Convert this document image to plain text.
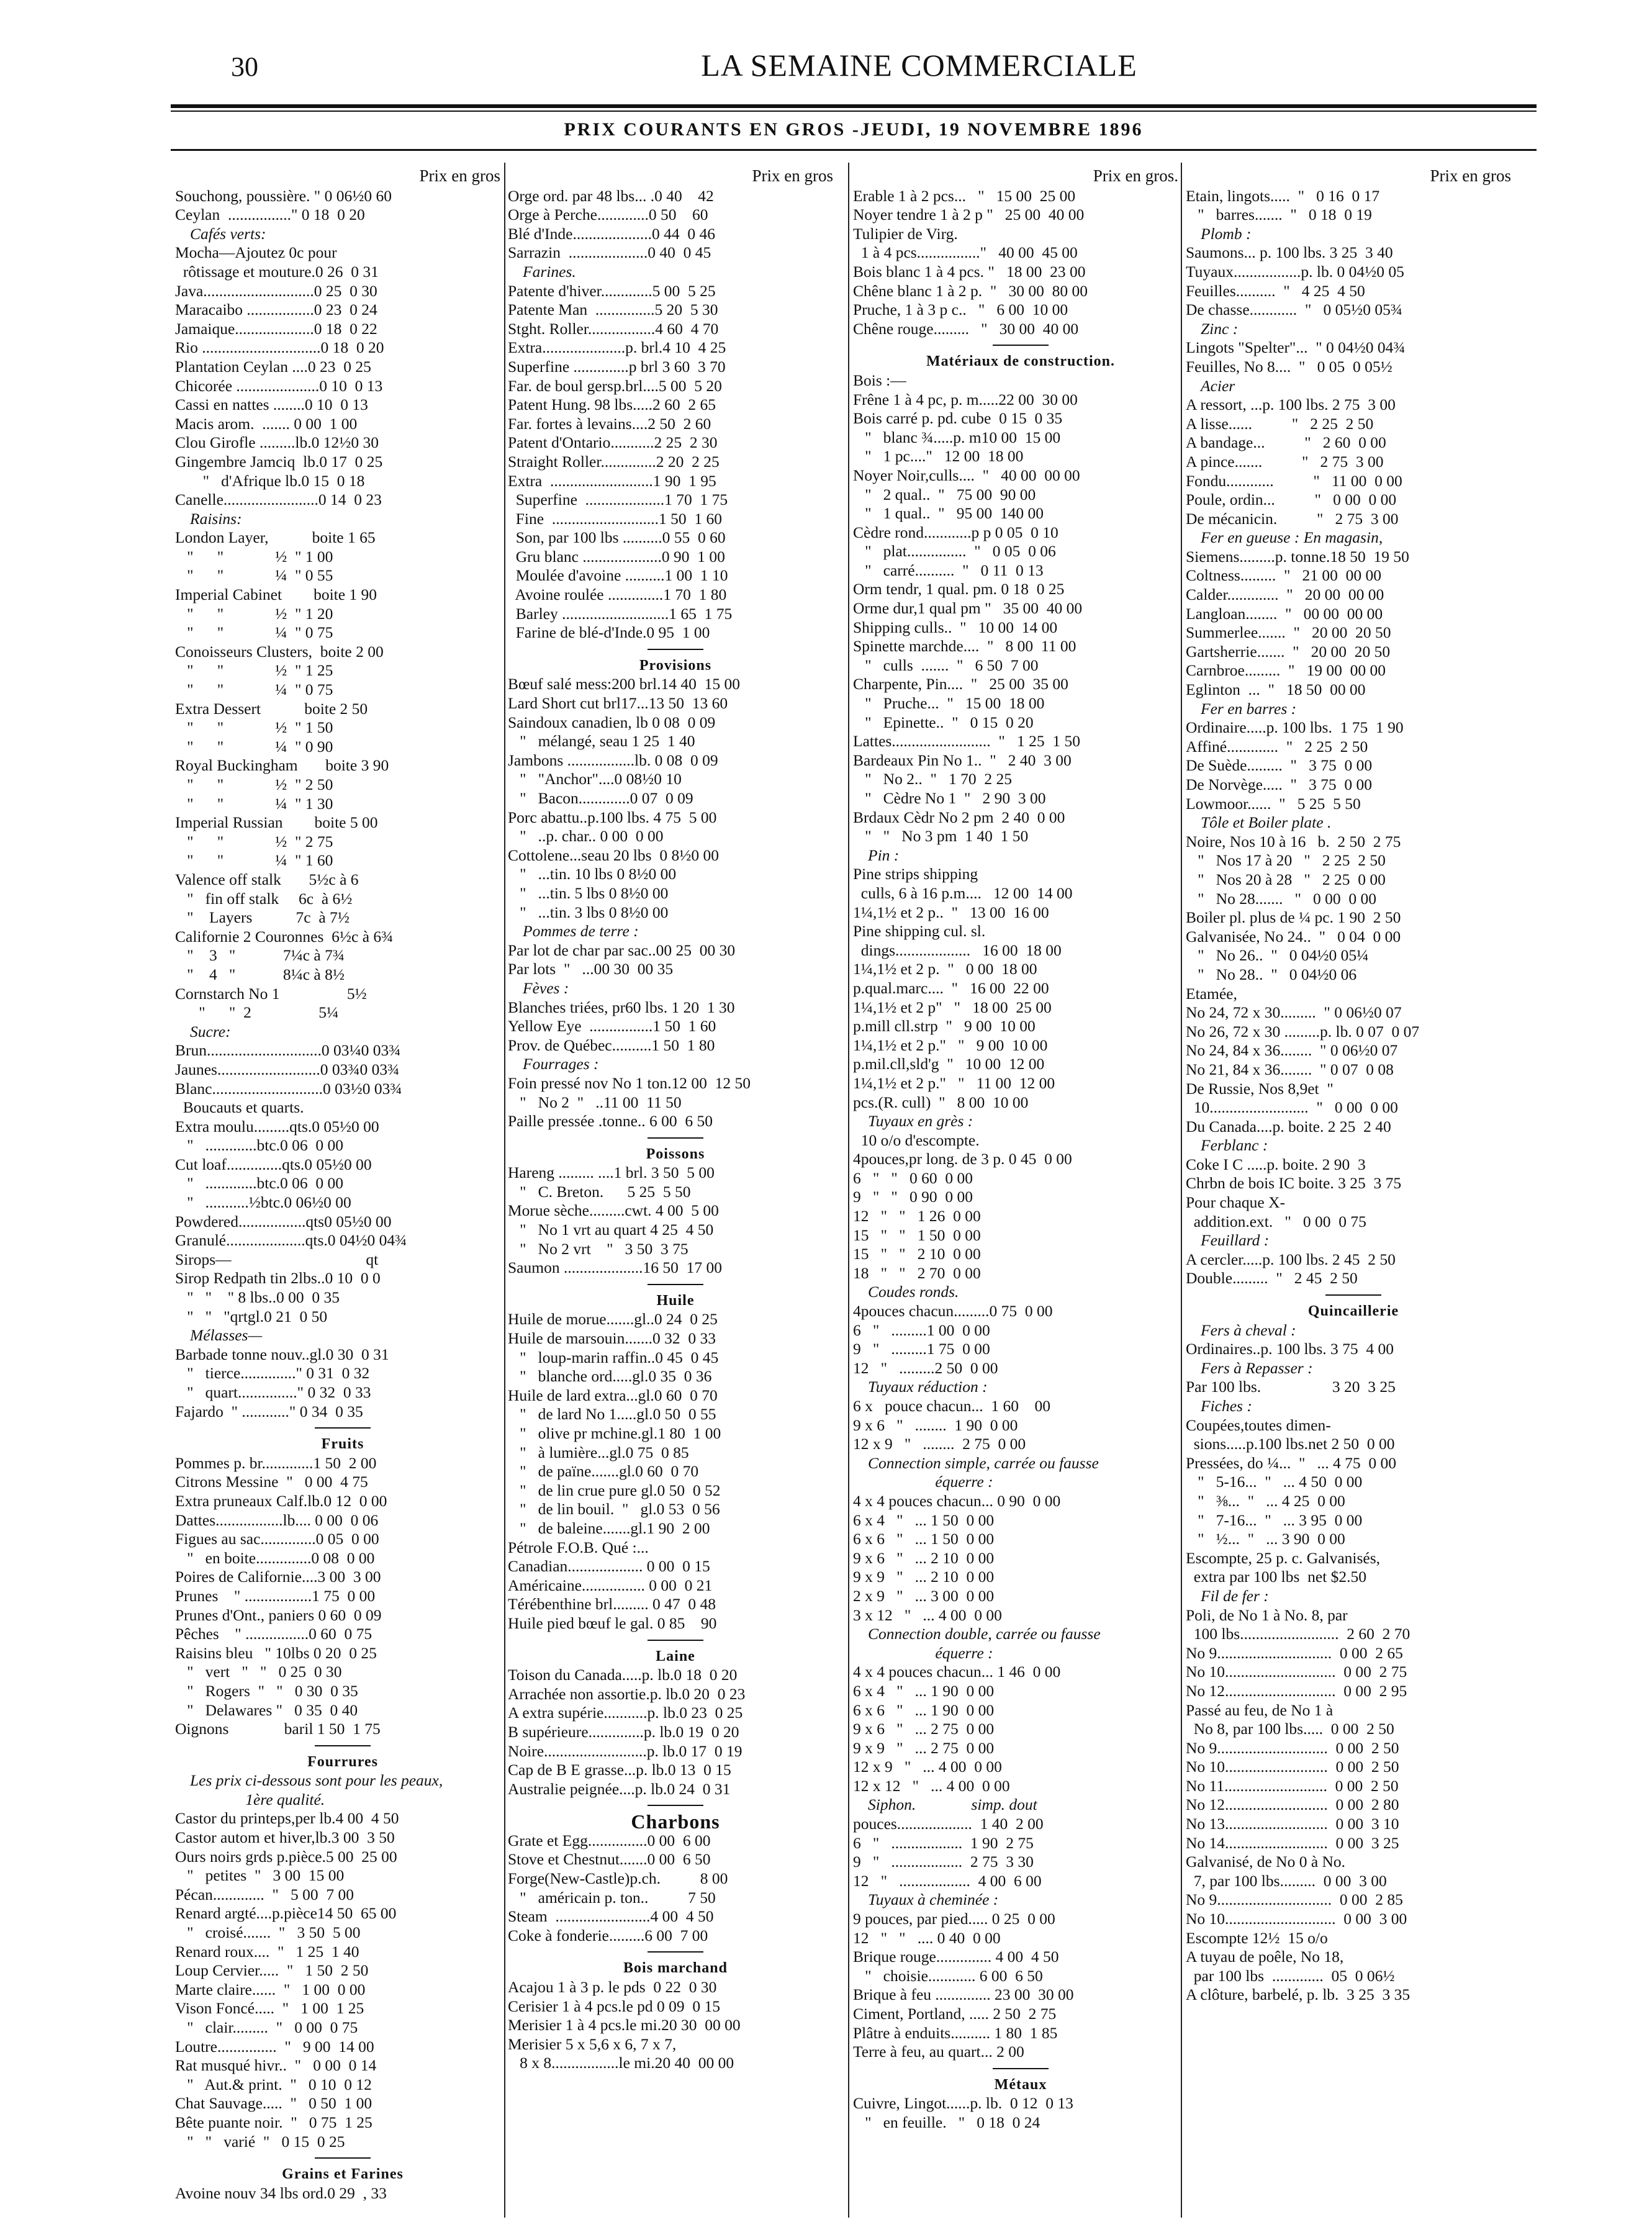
30	LA SEMAINE COMMERCIALE
PRIX COURANTS EN GROS -JEUDI, 19 NOVEMBRE 1896
Prix en gros
Souchong, poussière. " 0 06½0 60
Ceylan  ................" 0 18  0 20
Cafés verts:
Mocha—Ajoutez 0c pour
rôtissage et mouture.0 26  0 31
Java............................0 25  0 30
Maracaibo .................0 23  0 24
Jamaique....................0 18  0 22
Rio ..............................0 18  0 20
Plantation Ceylan ....0 23  0 25
Chicorée .....................0 10  0 13
Cassi en nattes ........0 10  0 13
Macis arom.  ....... 0 00  1 00
Clou Girofle .........lb.0 12½0 30
Gingembre Jamciq  lb.0 17  0 25
"   d'Afrique lb.0 15  0 18
Canelle........................0 14  0 23
Raisins:
London Layer,           boite 1 65
"      "             ½  " 1 00
"      "             ¼  " 0 55
Imperial Cabinet        boite 1 90
"      "             ½  " 1 20
"      "             ¼  " 0 75
Conoisseurs Clusters,  boite 2 00
"      "             ½  " 1 25
"      "             ¼  " 0 75
Extra Dessert           boite 2 50
"      "             ½  " 1 50
"      "             ¼  " 0 90
Royal Buckingham       boite 3 90
"      "             ½  " 2 50
"      "             ¼  " 1 30
Imperial Russian        boite 5 00
"      "             ½  " 2 75
"      "             ¼  " 1 60
Valence off stalk       5½c à 6
"   fin off stalk     6c  à 6½
"    Layers           7c  à 7½
Californie 2 Couronnes  6½c à 6¾
"    3   "            7¼c à 7¾
"    4   "            8¼c à 8½
Cornstarch No 1                 5½
"      "  2                 5¼
Sucre:
Brun.............................0 03¼0 03¾
Jaunes..........................0 03¾0 03¾
Blanc............................0 03½0 03¾
Boucauts et quarts.
Extra moulu.........qts.0 05½0 00
"   .............btc.0 06  0 00
Cut loaf..............qts.0 05½0 00
"   .............btc.0 06  0 00
"   ...........½btc.0 06½0 00
Powdered.................qts0 05½0 00
Granulé....................qts.0 04½0 04¾
Sirops—                                  qt
Sirop Redpath tin 2lbs..0 10  0 0
"   "    " 8 lbs..0 00  0 35
"   "   "qrtgl.0 21  0 50
Mélasses—
Barbade tonne nouv..gl.0 30  0 31
"   tierce.............." 0 31  0 32
"   quart..............." 0 32  0 33
Fajardo  " ............" 0 34  0 35
Fruits
Pommes p. br.............1 50  2 00
Citrons Messine  "   0 00  4 75
Extra pruneaux Calf.lb.0 12  0 00
Dattes.................lb.... 0 00  0 06
Figues au sac..............0 05  0 00
"   en boite..............0 08  0 00
Poires de Californie....3 00  3 00
Prunes    " .................1 75  0 00
Prunes d'Ont., paniers 0 60  0 09
Pêches    " ................0 60  0 75
Raisins bleu   " 10lbs 0 20  0 25
"   vert   "   "   0 25  0 30
"   Rogers  "   "   0 30  0 35
"   Delawares "   0 35  0 40
Oignons              baril 1 50  1 75
Fourrures
Les prix ci-dessous sont pour les peaux,
1ère qualité.
Castor du printeps,per lb.4 00  4 50
Castor autom et hiver,lb.3 00  3 50
Ours noirs grds p.pièce.5 00  25 00
"   petites  "   3 00  15 00
Pécan.............  "   5 00  7 00
Renard argté....p.pièce14 50  65 00
"   croisé.......  "   3 50  5 00
Renard roux....  "   1 25  1 40
Loup Cervier.....  "   1 50  2 50
Marte claire......  "   1 00  0 00
Vison Foncé.....  "   1 00  1 25
"   clair.........  "   0 00  0 75
Loutre...............  "   9 00  14 00
Rat musqué hivr..  "   0 00  0 14
"   Aut.& print.  "   0 10  0 12
Chat Sauvage.....  "   0 50  1 00
Bête puante noir.  "   0 75  1 25
"   "   varié  "   0 15  0 25
Grains et Farines
Avoine nouv 34 lbs ord.0 29  , 33
Prix en gros
Orge ord. par 48 lbs... .0 40    42
Orge à Perche.............0 50    60
Blé d'Inde....................0 44  0 46
Sarrazin  ....................0 40  0 45
Farines.
Patente d'hiver.............5 00  5 25
Patente Man  ...............5 20  5 30
Stght. Roller.................4 60  4 70
Extra.....................p. brl.4 10  4 25
Superfine ..............p brl 3 60  3 70
Far. de boul gersp.brl....5 00  5 20
Patent Hung. 98 lbs.....2 60  2 65
Far. fortes à levains....2 50  2 60
Patent d'Ontario...........2 25  2 30
Straight Roller..............2 20  2 25
Extra  ..........................1 90  1 95
Superfine  ....................1 70  1 75
Fine  ...........................1 50  1 60
Son, par 100 lbs ..........0 55  0 60
Gru blanc ....................0 90  1 00
Moulée d'avoine ..........1 00  1 10
Avoine roulée ..............1 70  1 80
Barley ...........................1 65  1 75
Farine de blé-d'Inde.0 95  1 00
Provisions
Bœuf salé mess:200 brl.14 40  15 00
Lard Short cut brl17...13 50  13 60
Saindoux canadien, lb 0 08  0 09
"   mélangé, seau 1 25  1 40
Jambons .................lb. 0 08  0 09
"   "Anchor"....0 08½0 10
"   Bacon.............0 07  0 09
Porc abattu..p.100 lbs. 4 75  5 00
"   ..p. char.. 0 00  0 00
Cottolene...seau 20 lbs  0 8½0 00
"   ...tin. 10 lbs 0 8½0 00
"   ...tin. 5 lbs 0 8½0 00
"   ...tin. 3 lbs 0 8½0 00
Pommes de terre :
Par lot de char par sac..00 25  00 30
Par lots  "   ...00 30  00 35
Fèves :
Blanches triées, pr60 lbs. 1 20  1 30
Yellow Eye  ................1 50  1 60
Prov. de Québec..........1 50  1 80
Fourrages :
Foin pressé nov No 1 ton.12 00  12 50
"   No 2  "   ..11 00  11 50
Paille pressée .tonne.. 6 00  6 50
Poissons
Hareng ......... ....1 brl. 3 50  5 00
"   C. Breton.      5 25  5 50
Morue sèche.........cwt. 4 00  5 00
"   No 1 vrt au quart 4 25  4 50
"   No 2 vrt    "   3 50  3 75
Saumon ....................16 50  17 00
Huile
Huile de morue.......gl..0 24  0 25
Huile de marsouin.......0 32  0 33
"   loup-marin raffin..0 45  0 45
"   blanche ord.....gl.0 35  0 36
Huile de lard extra...gl.0 60  0 70
"   de lard No 1.....gl.0 50  0 55
"   olive pr mchine.gl.1 80  1 00
"   à lumière...gl.0 75  0 85
"   de païne.......gl.0 60  0 70
"   de lin crue pure gl.0 50  0 52
"   de lin bouil.  "   gl.0 53  0 56
"   de baleine.......gl.1 90  2 00
Pétrole F.O.B. Qué :...
Canadian................... 0 00  0 15
Américaine................ 0 00  0 21
Térébenthine brl......... 0 47  0 48
Huile pied bœuf le gal. 0 85    90
Laine
Toison du Canada.....p. lb.0 18  0 20
Arrachée non assortie.p. lb.0 20  0 23
A extra supérie...........p. lb.0 23  0 25
B supérieure..............p. lb.0 19  0 20
Noire..........................p. lb.0 17  0 19
Cap de B E grasse...p. lb.0 13  0 15
Australie peignée....p. lb.0 24  0 31
Charbons
Grate et Egg...............0 00  6 00
Stove et Chestnut.......0 00  6 50
Forge(New-Castle)p.ch.          8 00
"   américain p. ton..          7 50
Steam  ........................4 00  4 50
Coke à fonderie.........6 00  7 00
Bois marchand
Acajou 1 à 3 p. le pds  0 22  0 30
Cerisier 1 à 4 pcs.le pd 0 09  0 15
Merisier 1 à 4 pcs.le mi.20 30  00 00
Merisier 5 x 5,6 x 6, 7 x 7,
8 x 8.................le mi.20 40  00 00
Prix en gros.
Erable 1 à 2 pcs...   "   15 00  25 00
Noyer tendre 1 à 2 p "   25 00  40 00
Tulipier de Virg.
1 à 4 pcs................"   40 00  45 00
Bois blanc 1 à 4 pcs. "   18 00  23 00
Chêne blanc 1 à 2 p.  "   30 00  80 00
Pruche, 1 à 3 p c..   "   6 00  10 00
Chêne rouge.........   "   30 00  40 00
Matériaux de construction.
Bois :—
Frêne 1 à 4 pc, p. m.....22 00  30 00
Bois carré p. pd. cube  0 15  0 35
"   blanc ¾.....p. m10 00  15 00
"   1 pc...."   12 00  18 00
Noyer Noir,culls....  "   40 00  00 00
"   2 qual..  "   75 00  90 00
"   1 qual..  "   95 00  140 00
Cèdre rond............p p 0 05  0 10
"   plat...............  "   0 05  0 06
"   carré..........  "   0 11  0 13
Orm tendr, 1 qual. pm. 0 18  0 25
Orme dur,1 qual pm "   35 00  40 00
Shipping culls..  "   10 00  14 00
Spinette marchde....  "   8 00  11 00
"   culls  .......  "   6 50  7 00
Charpente, Pin....  "   25 00  35 00
"   Pruche...  "   15 00  18 00
"   Epinette..  "   0 15  0 20
Lattes.........................  "   1 25  1 50
Bardeaux Pin No 1..  "   2 40  3 00
"   No 2..  "   1 70  2 25
"   Cèdre No 1  "   2 90  3 00
Brdaux Cèdr No 2 pm  2 40  0 00
"   "   No 3 pm  1 40  1 50
Pin :
Pine strips shipping
culls, 6 à 16 p.m....   12 00  14 00
1¼,1½ et 2 p..  "   13 00  16 00
Pine shipping cul. sl.
dings...................   16 00  18 00
1¼,1½ et 2 p.  "   0 00  18 00
p.qual.marc....  "   16 00  22 00
1¼,1½ et 2 p"   "   18 00  25 00
p.mill cll.strp  "   9 00  10 00
1¼,1½ et 2 p."   "   9 00  10 00
p.mil.cll,sld'g  "   10 00  12 00
1¼,1½ et 2 p."   "   11 00  12 00
pcs.(R. cull)  "   8 00  10 00
Tuyaux en grès :
10 o/o d'escompte.
4pouces,pr long. de 3 p. 0 45  0 00
6   "   "   0 60  0 00
9   "   "   0 90  0 00
12   "   "   1 26  0 00
15   "   "   1 50  0 00
15   "   "   2 10  0 00
18   "   "   2 70  0 00
Coudes ronds.
4pouces chacun.........0 75  0 00
6   "   .........1 00  0 00
9   "   .........1 75  0 00
12   "   .........2 50  0 00
Tuyaux réduction :
6 x   pouce chacun...  1 60    00
9 x 6   "   ........  1 90  0 00
12 x 9   "   ........  2 75  0 00
Connection simple, carrée ou fausse
équerre :
4 x 4 pouces chacun... 0 90  0 00
6 x 4   "   ... 1 50  0 00
6 x 6   "   ... 1 50  0 00
9 x 6   "   ... 2 10  0 00
9 x 9   "   ... 2 10  0 00
2 x 9   "   ... 3 00  0 00
3 x 12   "   ... 4 00  0 00
Connection double, carrée ou fausse
équerre :
4 x 4 pouces chacun... 1 46  0 00
6 x 4   "   ... 1 90  0 00
6 x 6   "   ... 1 90  0 00
9 x 6   "   ... 2 75  0 00
9 x 9   "   ... 2 75  0 00
12 x 9   "   ... 4 00  0 00
12 x 12   "   ... 4 00  0 00
Siphon.              simp. dout
pouces...................  1 40  2 00
6   "   ..................  1 90  2 75
9   "   ..................  2 75  3 30
12   "   ..................  4 00  6 00
Tuyaux à cheminée :
9 pouces, par pied..... 0 25  0 00
12   "   "   .... 0 40  0 00
Brique rouge.............. 4 00  4 50
"   choisie............ 6 00  6 50
Brique à feu .............. 23 00  30 00
Ciment, Portland, ..... 2 50  2 75
Plâtre à enduits.......... 1 80  1 85
Terre à feu, au quart... 2 00
Métaux
Cuivre, Lingot......p. lb.  0 12  0 13
"   en feuille.   "   0 18  0 24
Prix en gros
Etain, lingots.....  "   0 16  0 17
"   barres.......  "   0 18  0 19
Plomb :
Saumons... p. 100 lbs. 3 25  3 40
Tuyaux.................p. lb. 0 04½0 05
Feuilles..........  "   4 25  4 50
De chasse............  "   0 05½0 05¾
Zinc :
Lingots "Spelter"...  " 0 04½0 04¾
Feuilles, No 8....  "   0 05  0 05½
Acier
A ressort, ...p. 100 lbs. 2 75  3 00
A lisse......          "   2 25  2 50
A bandage...          "   2 60  0 00
A pince.......          "   2 75  3 00
Fondu............          "   11 00  0 00
Poule, ordin...          "   0 00  0 00
De mécanicin.          "   2 75  3 00
Fer en gueuse : En magasin,
Siemens.........p. tonne.18 50  19 50
Coltness.........  "   21 00  00 00
Calder.............  "   20 00  00 00
Langloan........  "   00 00  00 00
Summerlee.......  "   20 00  20 50
Gartsherrie.......  "   20 00  20 50
Carnbroe.........  "   19 00  00 00
Eglinton  ...  "   18 50  00 00
Fer en barres :
Ordinaire.....p. 100 lbs.  1 75  1 90
Affiné.............  "   2 25  2 50
De Suède.........  "   3 75  0 00
De Norvège.....  "   3 75  0 00
Lowmoor......  "   5 25  5 50
Tôle et Boiler plate .
Noire, Nos 10 à 16   b.  2 50  2 75
"   Nos 17 à 20   "   2 25  2 50
"   Nos 20 à 28   "   2 25  0 00
"   No 28.......   "   0 00  0 00
Boiler pl. plus de ¼ pc. 1 90  2 50
Galvanisée, No 24..  "   0 04  0 00
"   No 26..  "   0 04½0 05¼
"   No 28..  "   0 04½0 06
Etamée,
No 24, 72 x 30.........  " 0 06½0 07
No 26, 72 x 30 .........p. lb. 0 07  0 07
No 24, 84 x 36........  " 0 06½0 07
No 21, 84 x 36........  " 0 07  0 08
De Russie, Nos 8,9et  "
10.........................  "   0 00  0 00
Du Canada....p. boite. 2 25  2 40
Ferblanc :
Coke I C .....p. boite. 2 90  3
Chrbn de bois IC boite. 3 25  3 75
Pour chaque X-
addition.ext.   "   0 00  0 75
Feuillard :
A cercler.....p. 100 lbs. 2 45  2 50
Double.........  "   2 45  2 50
Quincaillerie
Fers à cheval :
Ordinaires..p. 100 lbs. 3 75  4 00
Fers à Repasser :
Par 100 lbs.                  3 20  3 25
Fiches :
Coupées,toutes dimen-
sions.....p.100 lbs.net 2 50  0 00
Pressées, do ¼...  "   ... 4 75  0 00
"   5-16...  "   ... 4 50  0 00
"   ⅜...  "   ... 4 25  0 00
"   7-16...  "   ... 3 95  0 00
"   ½...  "   ... 3 90  0 00
Escompte, 25 p. c. Galvanisés,
extra par 100 lbs  net $2.50
Fil de fer :
Poli, de No 1 à No. 8, par
100 lbs.........................  2 60  2 70
No 9.............................  0 00  2 65
No 10............................  0 00  2 75
No 12............................  0 00  2 95
Passé au feu, de No 1 à
No 8, par 100 lbs.....  0 00  2 50
No 9............................  0 00  2 50
No 10..........................  0 00  2 50
No 11..........................  0 00  2 50
No 12..........................  0 00  2 80
No 13..........................  0 00  3 10
No 14..........................  0 00  3 25
Galvanisé, de No 0 à No.
7, par 100 lbs.........  0 00  3 00
No 9.............................  0 00  2 85
No 10............................  0 00  3 00
Escompte 12½  15 o/o
A tuyau de poêle, No 18,
par 100 lbs  .............  05  0 06½
A clôture, barbelé, p. lb.  3 25  3 35
